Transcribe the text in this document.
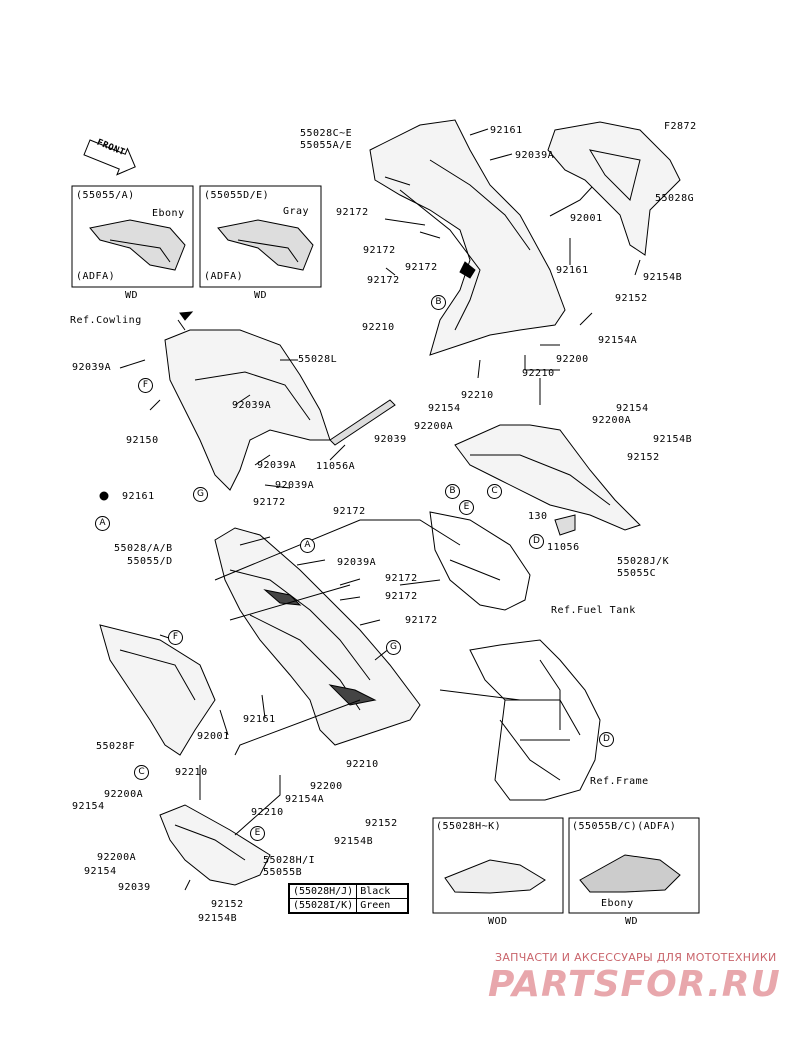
F2872
FRONT
55028C~E
55055A/E
92161
92039A
92172
92172
92172
92172
92001
92161
55028G
92154B
92152
92154A
92210
92200
92210
92210
(55055/A)
Ebony
(ADFA)
WD
(55055D/E)
Gray
(ADFA)
WD
Ref.Cowling
92039A
55028L
92039A
92150
92039A 11056A
92039A
92161
92172
92154
92200A
92154
92200A
92039	92154B
92152
130
11056
55028J/K
55055C
Ref.Fuel Tank
92172
55028/A/B
55055/D	92039A
92172
92172
92172
55028F
92001
92161
92210
92210
92200
92154A
92210
92152
92154B
Ref.Frame
92200A
92154
92200A
92154
92039
92152
92154B
55028H/I
55055B
(55028H/J)	Black
(55028I/K)	Green
(55028H~K)
WOD
(55055B/C)(ADFA)
Ebony
WD
A
A
B
B	C
C
D
D
E
E
F
F
G
G
ЗАПЧАСТИ И АКСЕССУАРЫ ДЛЯ МОТОТЕХНИКИ
PARTSFOR.RU
